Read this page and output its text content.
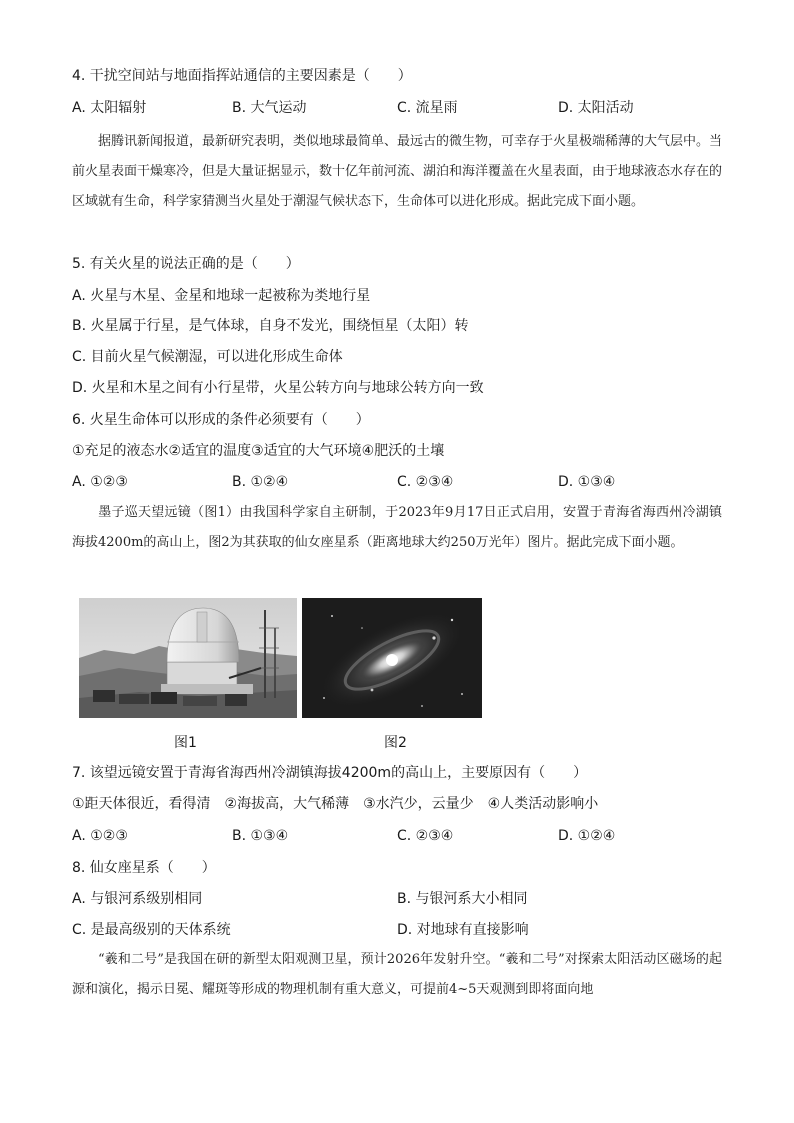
4. 干扰空间站与地面指挥站通信的主要因素是（　　）
A. 太阳辐射	B. 大气运动	C. 流星雨	D. 太阳活动
据腾讯新闻报道，最新研究表明，类似地球最简单、最远古的微生物，可幸存于火星极端稀薄的大气层中。当前火星表面干燥寒冷，但是大量证据显示，数十亿年前河流、湖泊和海洋覆盖在火星表面，由于地球液态水存在的区域就有生命，科学家猜测当火星处于潮湿气候状态下，生命体可以进化形成。据此完成下面小题。
5. 有关火星的说法正确的是（　　）
A. 火星与木星、金星和地球一起被称为类地行星
B. 火星属于行星，是气体球，自身不发光，围绕恒星（太阳）转
C. 目前火星气候潮湿，可以进化形成生命体
D. 火星和木星之间有小行星带，火星公转方向与地球公转方向一致
6. 火星生命体可以形成的条件必须要有（　　）
①充足的液态水②适宜的温度③适宜的大气环境④肥沃的土壤
A. ①②③	B. ①②④	C. ②③④	D. ①③④
墨子巡天望远镜（图1）由我国科学家自主研制，于2023年9月17日正式启用，安置于青海省海西州冷湖镇海拔4200m的高山上，图2为其获取的仙女座星系（距离地球大约250万光年）图片。据此完成下面小题。
图1	图2
7. 该望远镜安置于青海省海西州冷湖镇海拔4200m的高山上，主要原因有（　　）
①距天体很近，看得清　②海拔高，大气稀薄　③水汽少，云量少　④人类活动影响小
A. ①②③	B. ①③④	C. ②③④	D. ①②④
8. 仙女座星系（　　）
A. 与银河系级别相同	B. 与银河系大小相同
C. 是最高级别的天体系统	D. 对地球有直接影响
“羲和二号”是我国在研的新型太阳观测卫星，预计2026年发射升空。“羲和二号”对探索太阳活动区磁场的起源和演化，揭示日冕、耀斑等形成的物理机制有重大意义，可提前4~5天观测到即将面向地
